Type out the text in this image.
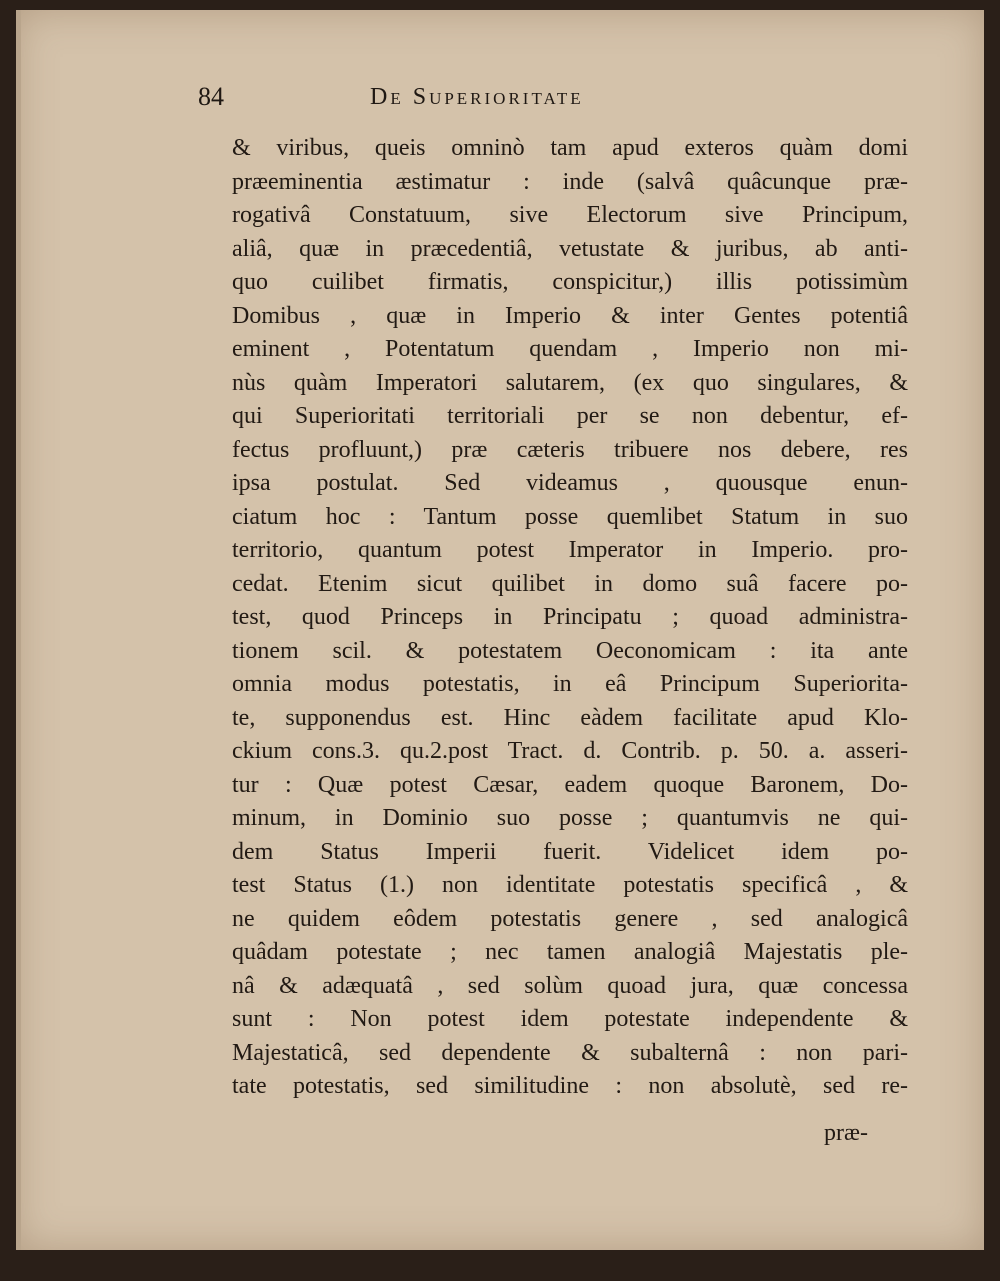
84	De Superioritate
& viribus, queis omninò tam apud exteros quàm domi
præeminentia æstimatur : inde (salvâ quâcunque præ-
rogativâ Constatuum, sive Electorum sive Principum,
aliâ, quæ in præcedentiâ, vetustate & juribus, ab anti-
quo cuilibet firmatis, conspicitur,) illis potissimùm
Domibus , quæ in Imperio & inter Gentes potentiâ
eminent , Potentatum quendam , Imperio non mi-
nùs quàm Imperatori salutarem, (ex quo singulares, &
qui Superioritati territoriali per se non debentur, ef-
fectus profluunt,) præ cæteris tribuere nos debere, res
ipsa postulat. Sed videamus , quousque enun-
ciatum hoc : Tantum posse quemlibet Statum in suo
territorio, quantum potest Imperator in Imperio. pro-
cedat. Etenim sicut quilibet in domo suâ facere po-
test, quod Princeps in Principatu ; quoad administra-
tionem scil. & potestatem Oeconomicam : ita ante
omnia modus potestatis, in eâ Principum Superiorita-
te, supponendus est. Hinc eàdem facilitate apud Klo-
ckium cons.3. qu.2.post Tract. d. Contrib. p. 50. a. asseri-
tur : Quæ potest Cæsar, eadem quoque Baronem, Do-
minum, in Dominio suo posse ; quantumvis ne qui-
dem Status Imperii fuerit. Videlicet idem po-
test Status (1.) non identitate potestatis specificâ , &
ne quidem eôdem potestatis genere , sed analogicâ
quâdam potestate ; nec tamen analogiâ Majestatis ple-
nâ & adæquatâ , sed solùm quoad jura, quæ concessa
sunt : Non potest idem potestate independente &
Majestaticâ, sed dependente & subalternâ : non pari-
tate potestatis, sed similitudine : non absolutè, sed re-
præ-
